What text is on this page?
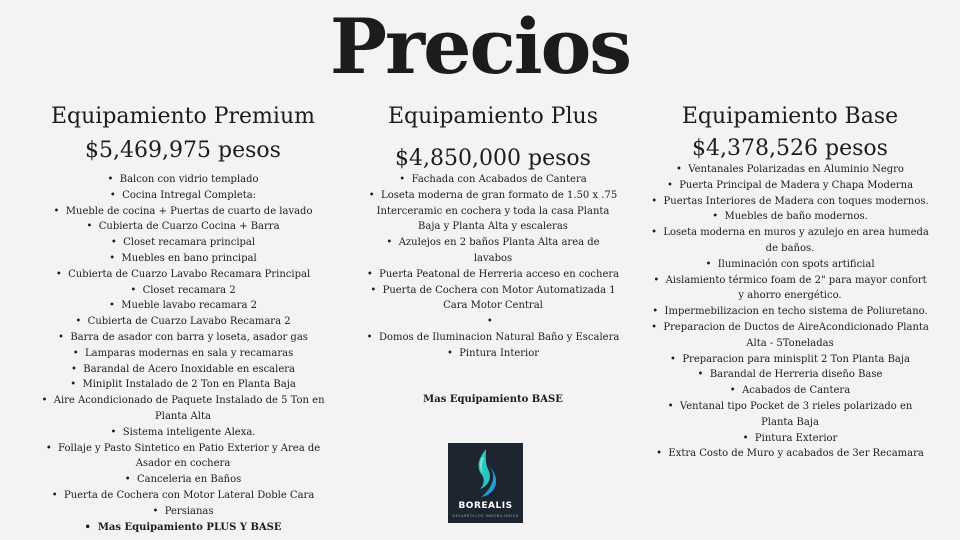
Precios
Equipamiento Premium
$5,469,975 pesos
•  Balcon con vidrio templado
•  Cocina Intregal Completa:
•  Mueble de cocina + Puertas de cuarto de lavado
•  Cubierta de Cuarzo Cocina + Barra
•  Closet recamara principal
•  Muebles en bano principal
•  Cubierta de Cuarzo Lavabo Recamara Principal
•  Closet recamara 2
•  Mueble lavabo recamara 2
•  Cubierta de Cuarzo Lavabo Recamara 2
•  Barra de asador con barra y loseta, asador gas
•  Lamparas modernas en sala y recamaras
•  Barandal de Acero Inoxidable en escalera
•  Miniplit Instalado de 2 Ton en Planta Baja
•  Aire Acondicionado de Paquete Instalado de 5 Ton en Planta Alta
•  Sistema inteligente Alexa.
•  Follaje y Pasto Sintetico en Patio Exterior y Area de Asador en cochera
•  Canceleria en Baños
•  Puerta de Cochera con Motor Lateral Doble Cara
•  Persianas
•  Mas Equipamiento PLUS Y BASE
Equipamiento Plus
$4,850,000 pesos
•  Fachada con Acabados de Cantera
•  Loseta moderna de gran formato de 1.50 x .75 Interceramic en cochera y toda la casa Planta Baja y Planta Alta y escaleras
•  Azulejos en 2 baños Planta Alta area de lavabos
•  Puerta Peatonal de Herreria acceso en cochera
•  Puerta de Cochera con Motor Automatizada 1 Cara Motor Central
•
•  Domos de Iluminacion Natural Baño y Escalera
•  Pintura Interior
Mas Equipamiento BASE
Equipamiento Base
$4,378,526 pesos
•  Ventanales Polarizadas en Aluminio Negro
•  Puerta Principal de Madera y Chapa Moderna
•  Puertas Interiores de Madera con toques modernos.
•  Muebles de baño modernos.
•  Loseta moderna en muros y azulejo en area humeda de baños.
•  Iluminación con spots artificial
•  Aislamiento térmico foam de 2" para mayor confort y ahorro energético.
•  Impermebilizacion en techo sistema de Poliuretano.
•  Preparacion de Ductos de AireAcondicionado Planta Alta - 5Toneladas
•  Preparacion para minisplit 2 Ton Planta Baja
•  Barandal de Herreria diseño Base
•  Acabados de Cantera
•  Ventanal tipo Pocket de 3 rieles polarizado en Planta Baja
•  Pintura Exterior
•  Extra Costo de Muro y acabados de 3er Recamara
BOREALIS
DESARROLLOS INMOBILIARIOS
